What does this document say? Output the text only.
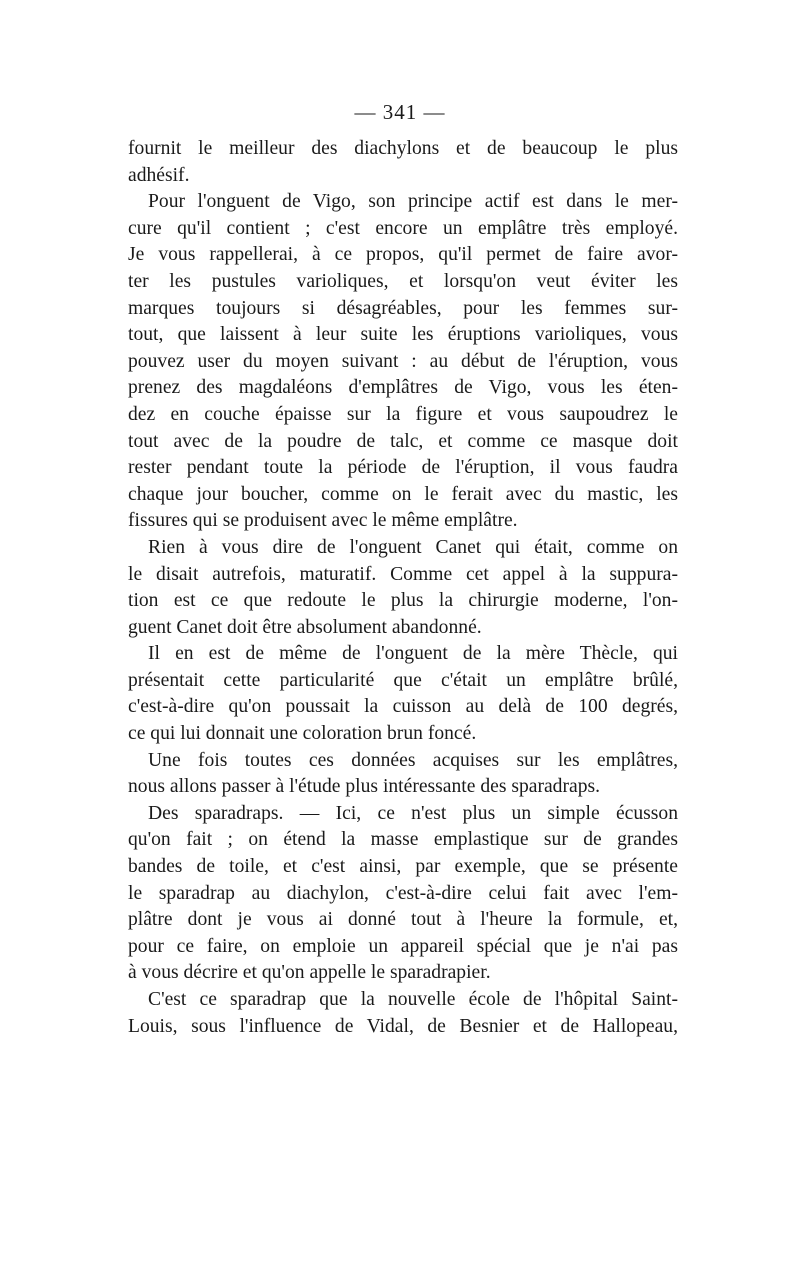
— 341 —

fournit le meilleur des diachylons et de beaucoup le plus
adhésif.

Pour l'onguent de Vigo, son principe actif est dans le mer-
cure qu'il contient ; c'est encore un emplâtre très employé.
Je vous rappellerai, à ce propos, qu'il permet de faire avor-
ter les pustules varioliques, et lorsqu'on veut éviter les
marques toujours si désagréables, pour les femmes sur-
tout, que laissent à leur suite les éruptions varioliques, vous
pouvez user du moyen suivant : au début de l'éruption, vous
prenez des magdaléons d'emplâtres de Vigo, vous les éten-
dez en couche épaisse sur la figure et vous saupoudrez le
tout avec de la poudre de talc, et comme ce masque doit
rester pendant toute la période de l'éruption, il vous faudra
chaque jour boucher, comme on le ferait avec du mastic, les
fissures qui se produisent avec le même emplâtre.

Rien à vous dire de l'onguent Canet qui était, comme on
le disait autrefois, maturatif. Comme cet appel à la suppura-
tion est ce que redoute le plus la chirurgie moderne, l'on-
guent Canet doit être absolument abandonné.

Il en est de même de l'onguent de la mère Thècle, qui
présentait cette particularité que c'était un emplâtre brûlé,
c'est-à-dire qu'on poussait la cuisson au delà de 100 degrés,
ce qui lui donnait une coloration brun foncé.

Une fois toutes ces données acquises sur les emplâtres,
nous allons passer à l'étude plus intéressante des sparadraps.

Des sparadraps. — Ici, ce n'est plus un simple écusson
qu'on fait ; on étend la masse emplastique sur de grandes
bandes de toile, et c'est ainsi, par exemple, que se présente
le sparadrap au diachylon, c'est-à-dire celui fait avec l'em-
plâtre dont je vous ai donné tout à l'heure la formule, et,
pour ce faire, on emploie un appareil spécial que je n'ai pas
à vous décrire et qu'on appelle le sparadrapier.

C'est ce sparadrap que la nouvelle école de l'hôpital Saint-
Louis, sous l'influence de Vidal, de Besnier et de Hallopeau,
